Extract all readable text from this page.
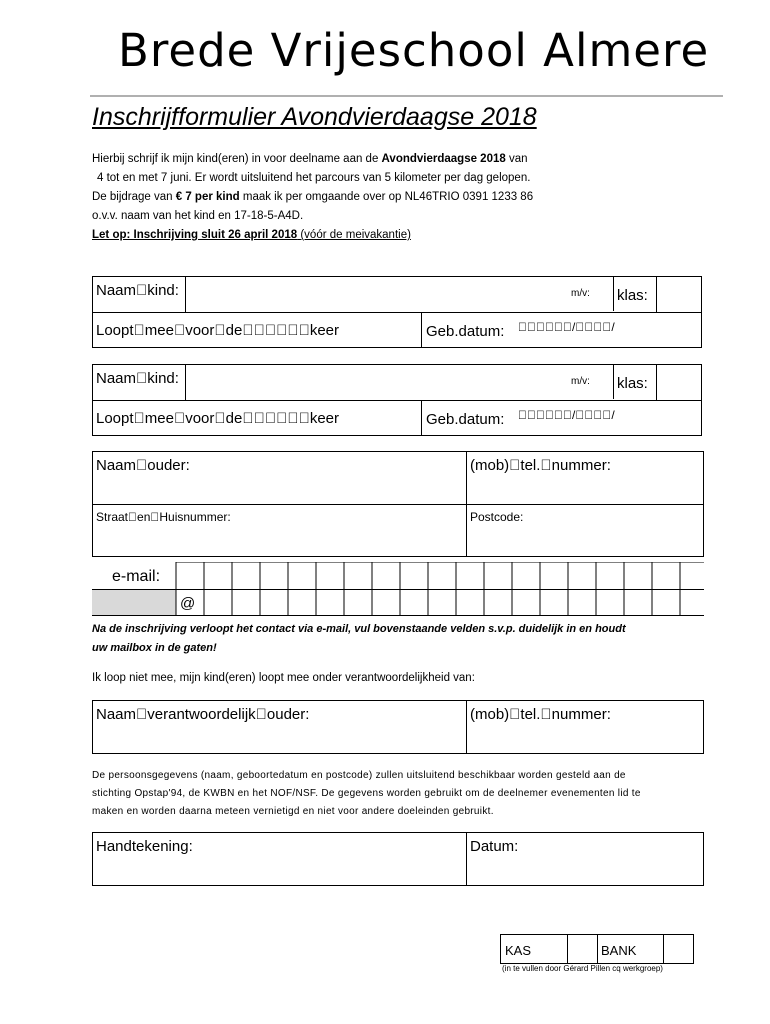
Brede Vrijeschool Almere
Inschrijfformulier Avondvierdaagse 2018
Hierbij schrijf ik mijn kind(eren) in voor deelname aan de Avondvierdaagse 2018 van
4 tot en met 7 juni. Er wordt uitsluitend het parcours van 5 kilometer per dag gelopen.
De bijdrage van € 7 per kind maak ik per omgaande over op NL46TRIO 0391 1233 86
o.v.v. naam van het kind en 17-18-5-A4D.
Let op: Inschrijving sluit 26 april 2018 (vóór de meivakantie)
Naam kind:	m/v: klas:
Loopt mee voor de      keer	Geb.datum:       /    /
Naam kind:	m/v: klas:
Loopt mee voor de      keer	Geb.datum:       /    /
Naam ouder:	(mob) tel. nummer:
Straat en Huisnummer:	Postcode:
e-mail:
@
Na de inschrijving verloopt het contact via e-mail, vul bovenstaande velden s.v.p. duidelijk in en houdt
uw mailbox in de gaten!
Ik loop niet mee, mijn kind(eren) loopt mee onder verantwoordelijkheid van:
Naam verantwoordelijk ouder:	(mob) tel. nummer:
De persoonsgegevens (naam, geboortedatum en postcode) zullen uitsluitend beschikbaar worden gesteld aan de
stichting Opstap'94, de KWBN en het NOF/NSF. De gegevens worden gebruikt om de deelnemer evenementen lid te
maken en worden daarna meteen vernietigd en niet voor andere doeleinden gebruikt.
Handtekening:	Datum:
KAS	BANK
(in te vullen door Gérard Pillen cq werkgroep)
